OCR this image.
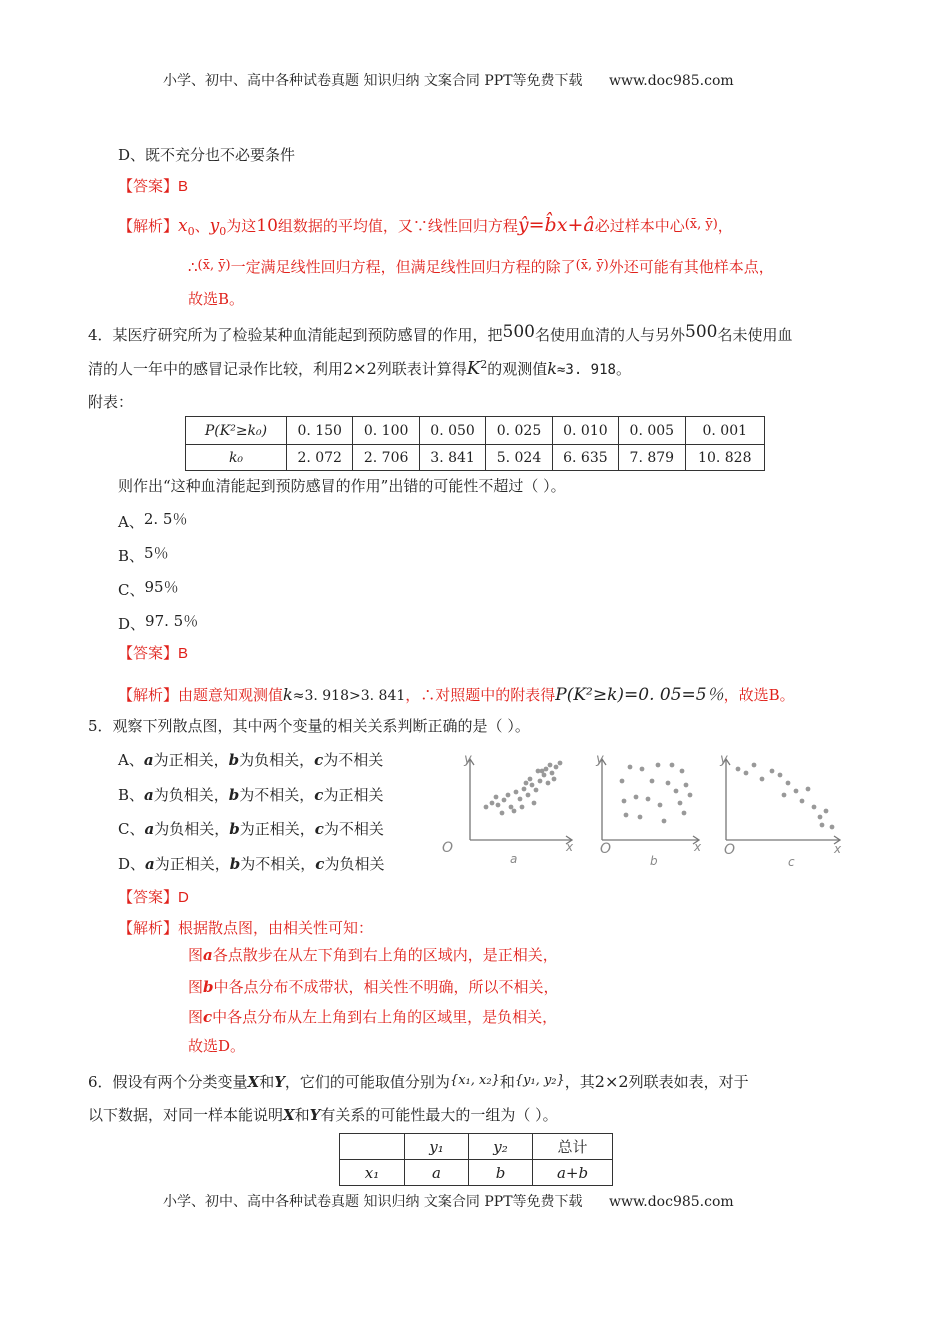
小学、初中、高中各种试卷真题 知识归纳 文案合同 PPT等免费下载 www.doc985.com
D、既不充分也不必要条件
【答案】B
【解析】$x_0$、$y_0$为这10组数据的平均值，又∵线性回归方程ŷ=b̂x+â必过样本中心(x̄, ȳ)，
∴(x̄, ȳ)一定满足线性回归方程，但满足线性回归方程的除了(x̄, ȳ)外还可能有其他样本点，
故选B。
4．某医疗研究所为了检验某种血清能起到预防感冒的作用，把500名使用血清的人与另外500名未使用血
清的人一年中的感冒记录作比较，利用2×2列联表计算得$K^2$的观测值k≈3. 918。
附表：
P(K²≥k₀)	0. 150	0. 100	0. 050	0. 025	0. 010	0. 005	0. 001
k₀	2. 072	2. 706	3. 841	5. 024	6. 635	7. 879	10. 828
则作出“这种血清能起到预防感冒的作用”出错的可能性不超过（ ）。
A、2. 5％
B、5％
C、95％
D、97. 5％
【答案】B
【解析】由题意知观测值k≈3. 918>3. 841，∴对照题中的附表得P(K²≥k)=0. 05=5％，故选B。
5．观察下列散点图，其中两个变量的相关关系判断正确的是（ ）。
A、a为正相关，b为负相关，c为不相关
B、a为负相关，b为不相关，c为正相关
C、a为负相关，b为正相关，c为不相关
D、a为正相关，b为不相关，c为负相关
y	y	y
x	x	x
O	O	O
a	b	c
【答案】D
【解析】根据散点图，由相关性可知：
图a各点散步在从左下角到右上角的区域内，是正相关，
图b中各点分布不成带状，相关性不明确，所以不相关，
图c中各点分布从左上角到右上角的区域里，是负相关，
故选D。
6．假设有两个分类变量X和Y，它们的可能取值分别为{x₁, x₂}和{y₁, y₂}，其2×2列联表如表，对于
以下数据，对同一样本能说明X和Y有关系的可能性最大的一组为（ ）。
	y₁	y₂	总计
x₁	a	b	a+b
小学、初中、高中各种试卷真题 知识归纳 文案合同 PPT等免费下载 www.doc985.com
